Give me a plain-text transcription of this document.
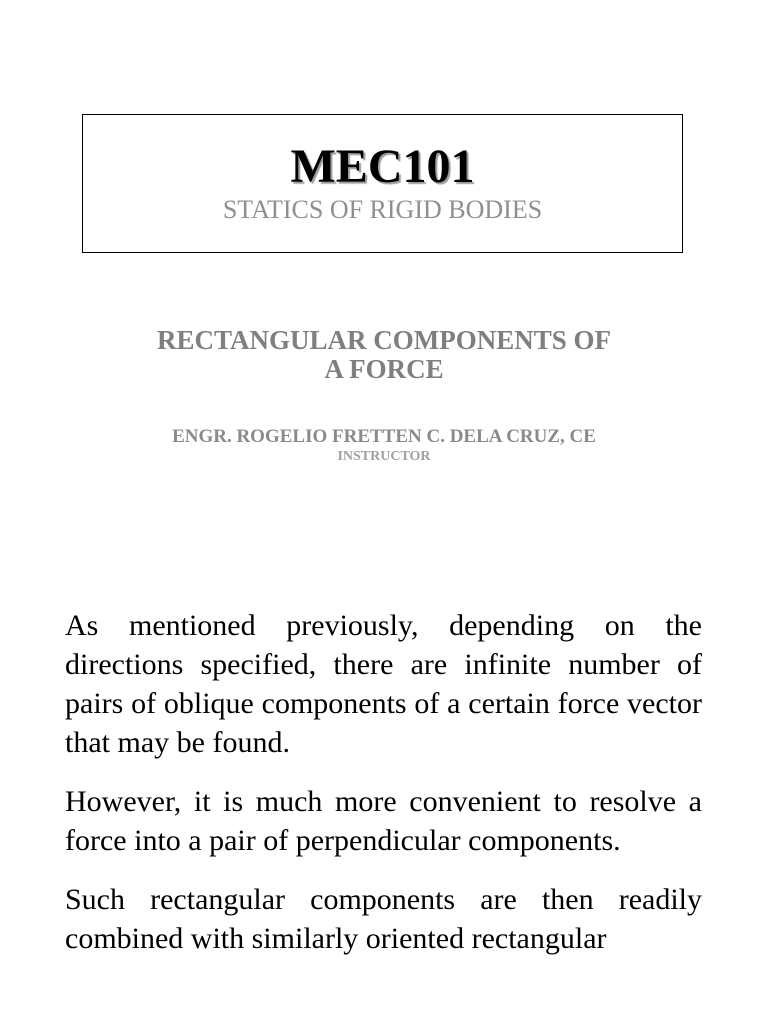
MEC101
STATICS OF RIGID BODIES
RECTANGULAR COMPONENTS OF
A FORCE
ENGR. ROGELIO FRETTEN C. DELA CRUZ, CE
INSTRUCTOR

As mentioned previously, depending on the directions specified, there are infinite number of pairs of oblique components of a certain force vector that may be found.

However, it is much more convenient to resolve a force into a pair of perpendicular components.

Such rectangular components are then readily combined with similarly oriented rectangular
